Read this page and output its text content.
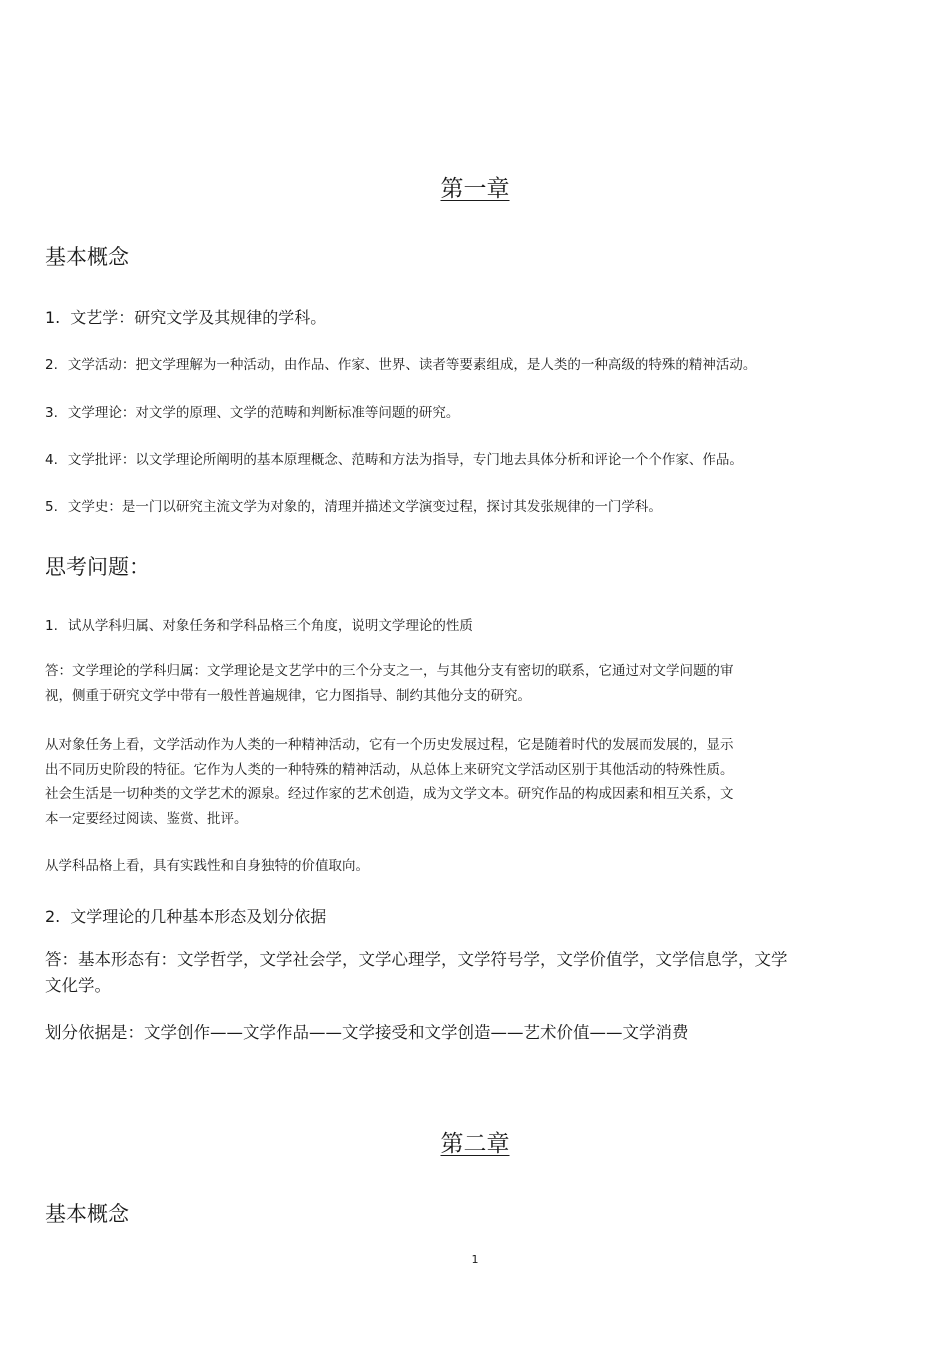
第一章
基本概念
1. 文艺学：研究文学及其规律的学科。
2. 文学活动：把文学理解为一种活动，由作品、作家、世界、读者等要素组成，是人类的一种高级的特殊的精神活动。
3. 文学理论：对文学的原理、文学的范畴和判断标准等问题的研究。
4. 文学批评：以文学理论所阐明的基本原理概念、范畴和方法为指导，专门地去具体分析和评论一个个作家、作品。
5. 文学史：是一门以研究主流文学为对象的，清理并描述文学演变过程，探讨其发张规律的一门学科。
思考问题：
1. 试从学科归属、对象任务和学科品格三个角度，说明文学理论的性质
答：文学理论的学科归属：文学理论是文艺学中的三个分支之一，与其他分支有密切的联系，它通过对文学问题的审
视，侧重于研究文学中带有一般性普遍规律，它力图指导、制约其他分支的研究。
从对象任务上看，文学活动作为人类的一种精神活动，它有一个历史发展过程，它是随着时代的发展而发展的，显示
出不同历史阶段的特征。它作为人类的一种特殊的精神活动，从总体上来研究文学活动区别于其他活动的特殊性质。
社会生活是一切种类的文学艺术的源泉。经过作家的艺术创造，成为文学文本。研究作品的构成因素和相互关系，文
本一定要经过阅读、鉴赏、批评。
从学科品格上看，具有实践性和自身独特的价值取向。
2. 文学理论的几种基本形态及划分依据
答：基本形态有：文学哲学，文学社会学，文学心理学，文学符号学，文学价值学，文学信息学，文学
文化学。
划分依据是：文学创作——文学作品——文学接受和文学创造——艺术价值——文学消费
第二章
基本概念
1
